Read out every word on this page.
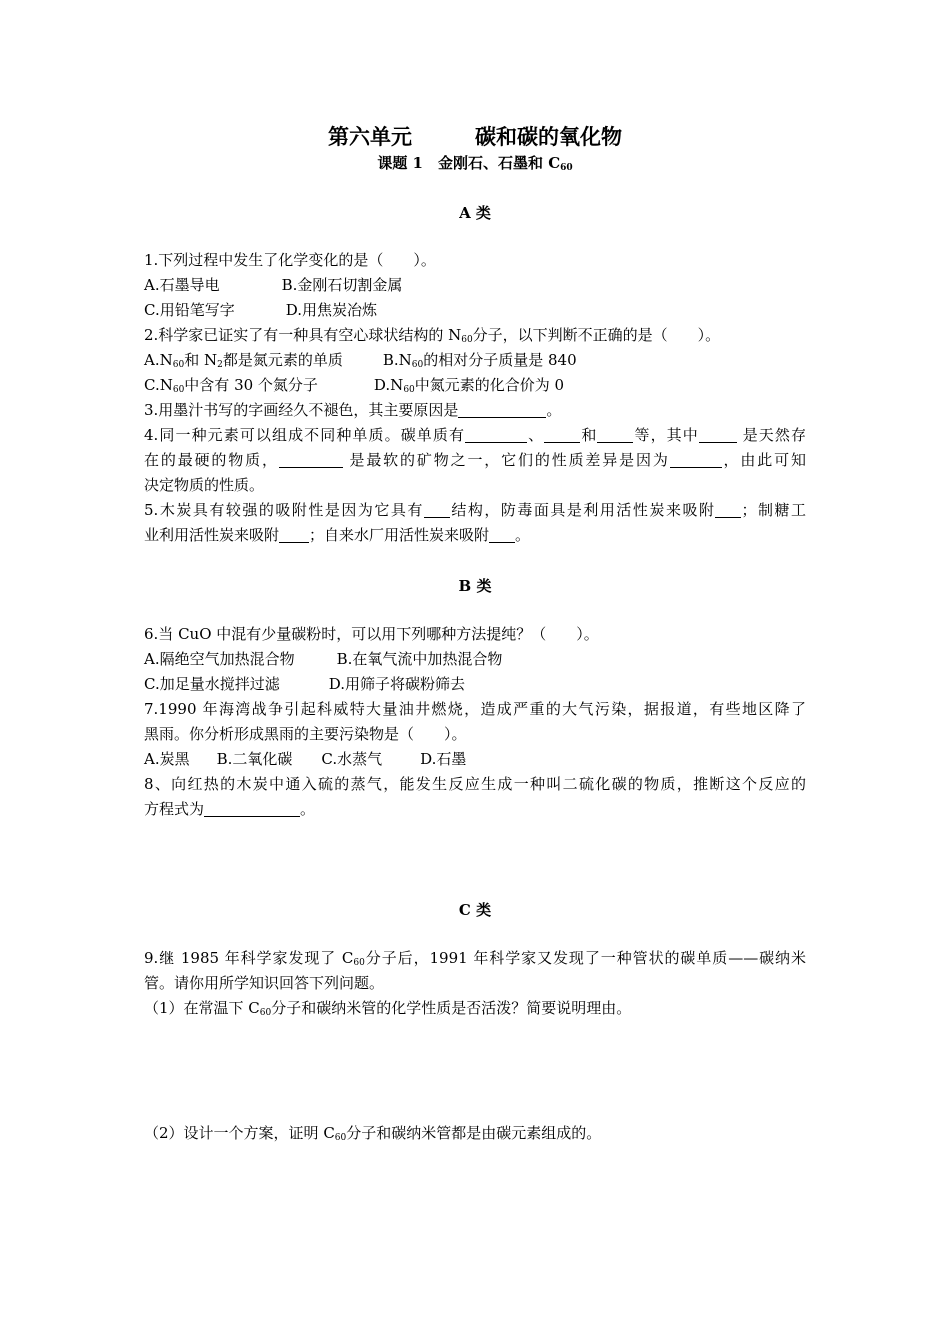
第六单元　　　碳和碳的氧化物
课题 1　金刚石、石墨和 $C_{60}$
A 类
1.下列过程中发生了化学变化的是（　　）。
A.石墨导电	B.金刚石切割金属
C.用铅笔写字	D.用焦炭冶炼
2.科学家已证实了有一种具有空心球状结构的 $N_{60}$分子，以下判断不正确的是（　　）。
$A.N_{60}$和 $N_2$都是氮元素的单质	$B.N_{60}$的相对分子质量是 840
$C.N_{60}$中含有 30 个氮分子	$D.N_{60}$中氮元素的化合价为 0
3.用墨汁书写的字画经久不褪色，其主要原因是	。
4.同一种元素可以组成不同种单质。碳单质有	、 和 等，其中	是天然存
在的最硬的物质，	是最软的矿物之一，它们的性质差异是因为	，由此可知
决定物质的性质。
5.木炭具有较强的吸附性是因为它具有 结构，防毒面具是利用活性炭来吸附 ；制糖工
业利用活性炭来吸附 ；自来水厂用活性炭来吸附 。
B 类
6.当 CuO 中混有少量碳粉时，可以用下列哪种方法提纯？（　　）。
A.隔绝空气加热混合物	B.在氧气流中加热混合物
C.加足量水搅拌过滤	D.用筛子将碳粉筛去
7.1990 年海湾战争引起科威特大量油井燃烧，造成严重的大气污染，据报道，有些地区降了
黑雨。你分析形成黑雨的主要污染物是（　　）。
A.炭黑 B.二氧化碳 C.水蒸气	D.石墨
8、向红热的木炭中通入硫的蒸气，能发生反应生成一种叫二硫化碳的物质，推断这个反应的
方程式为	。
C 类
9.继 1985 年科学家发现了 $C_{60}$分子后，1991 年科学家又发现了一种管状的碳单质——碳纳米
管。请你用所学知识回答下列问题。
（1）在常温下 $C_{60}$分子和碳纳米管的化学性质是否活泼？简要说明理由。
（2）设计一个方案，证明 $C_{60}$分子和碳纳米管都是由碳元素组成的。
